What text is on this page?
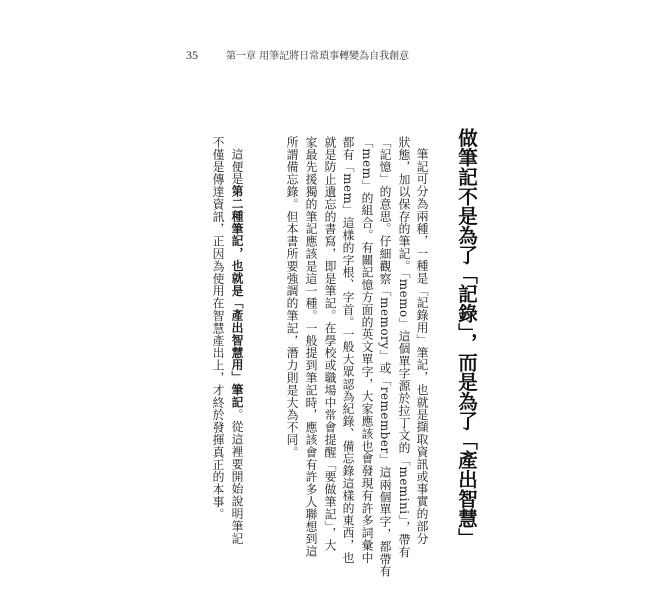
35	第一章 用筆記將日常瑣事轉變為自我創意
做筆記不是為了「記錄」，而是為了「產出智慧」
筆記可分為兩種，一種是「記錄用」筆記，也就是擷取資訊或事實的部分
狀態，加以保存的筆記。「memo」這個單字源於拉丁文的「memini」，帶有
「記憶」的意思。仔細觀察「memory」或「remember」這兩個單字，都帶有
「mem」的組合。有關記憶方面的英文單字，大家應該也會發現有許多詞彙中
都有「mem」這樣的字根、字首。一般大眾認為紀錄、備忘錄這樣的東西，也
就是防止遺忘的書寫，即是筆記。在學校或職場中常會提醒「要做筆記」，大
家最先援獨的筆記應該是這一種。一般提到筆記時，應該會有許多人聯想到這
所謂備忘錄。但本書所要強調的筆記，潛力則是大為不同。
這便是第二種筆記，也就是「產出智慧用」筆記。從這裡要開始說明筆記
不僅是傳達資訊，正因為使用在智慧產出上，才終於發揮真正的本事。
